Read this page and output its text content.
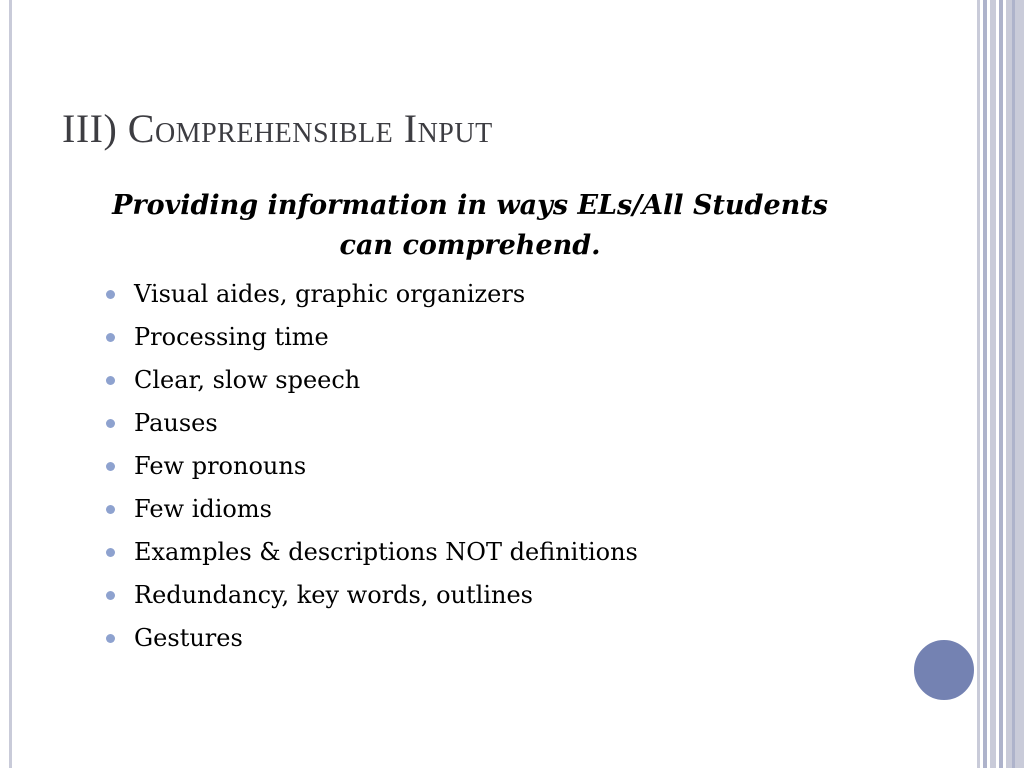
III) Comprehensible Input
Providing information in ways ELs/All Students can comprehend.
Visual aides, graphic organizers
Processing time
Clear, slow speech
Pauses
Few pronouns
Few idioms
Examples & descriptions NOT definitions
Redundancy, key words, outlines
Gestures
